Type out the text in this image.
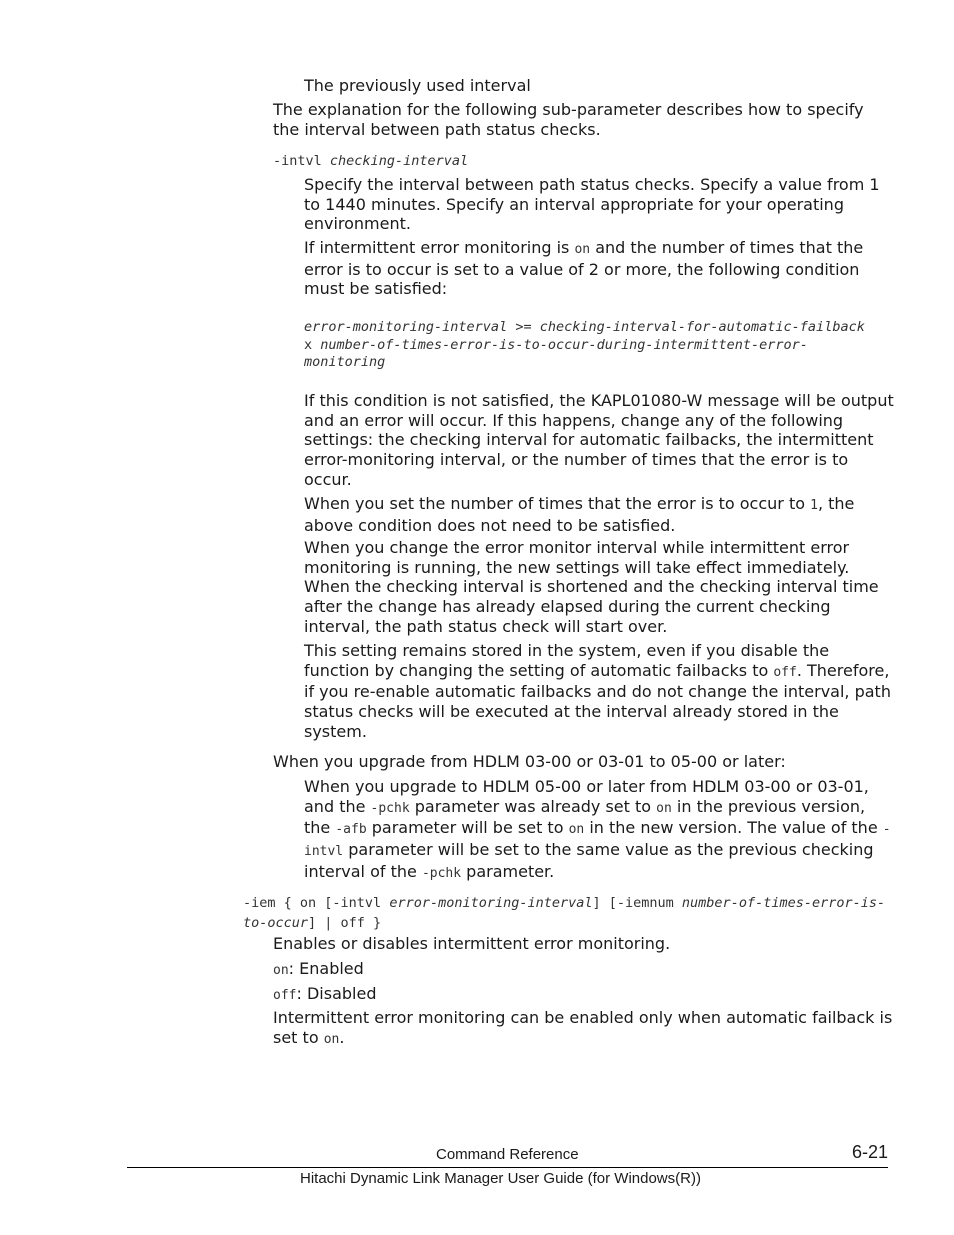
The previously used interval

The explanation for the following sub-parameter describes how to specify the interval between path status checks.

-intvl checking-interval

Specify the interval between path status checks. Specify a value from 1 to 1440 minutes. Specify an interval appropriate for your operating environment.

If intermittent error monitoring is on and the number of times that the error is to occur is set to a value of 2 or more, the following condition must be satisfied:

error-monitoring-interval >= checking-interval-for-automatic-failback x number-of-times-error-is-to-occur-during-intermittent-error-monitoring

If this condition is not satisfied, the KAPL01080-W message will be output and an error will occur. If this happens, change any of the following settings: the checking interval for automatic failbacks, the intermittent error-monitoring interval, or the number of times that the error is to occur.

When you set the number of times that the error is to occur to 1, the above condition does not need to be satisfied.

When you change the error monitor interval while intermittent error monitoring is running, the new settings will take effect immediately. When the checking interval is shortened and the checking interval time after the change has already elapsed during the current checking interval, the path status check will start over.

This setting remains stored in the system, even if you disable the function by changing the setting of automatic failbacks to off. Therefore, if you re-enable automatic failbacks and do not change the interval, path status checks will be executed at the interval already stored in the system.

When you upgrade from HDLM 03-00 or 03-01 to 05-00 or later:

When you upgrade to HDLM 05-00 or later from HDLM 03-00 or 03-01, and the -pchk parameter was already set to on in the previous version, the -afb parameter will be set to on in the new version. The value of the -intvl parameter will be set to the same value as the previous checking interval of the -pchk parameter.

-iem { on [-intvl error-monitoring-interval] [-iemnum number-of-times-error-is-to-occur] | off }

Enables or disables intermittent error monitoring.

on: Enabled

off: Disabled

Intermittent error monitoring can be enabled only when automatic failback is set to on.

Command Reference	6-21
Hitachi Dynamic Link Manager User Guide (for Windows(R))
